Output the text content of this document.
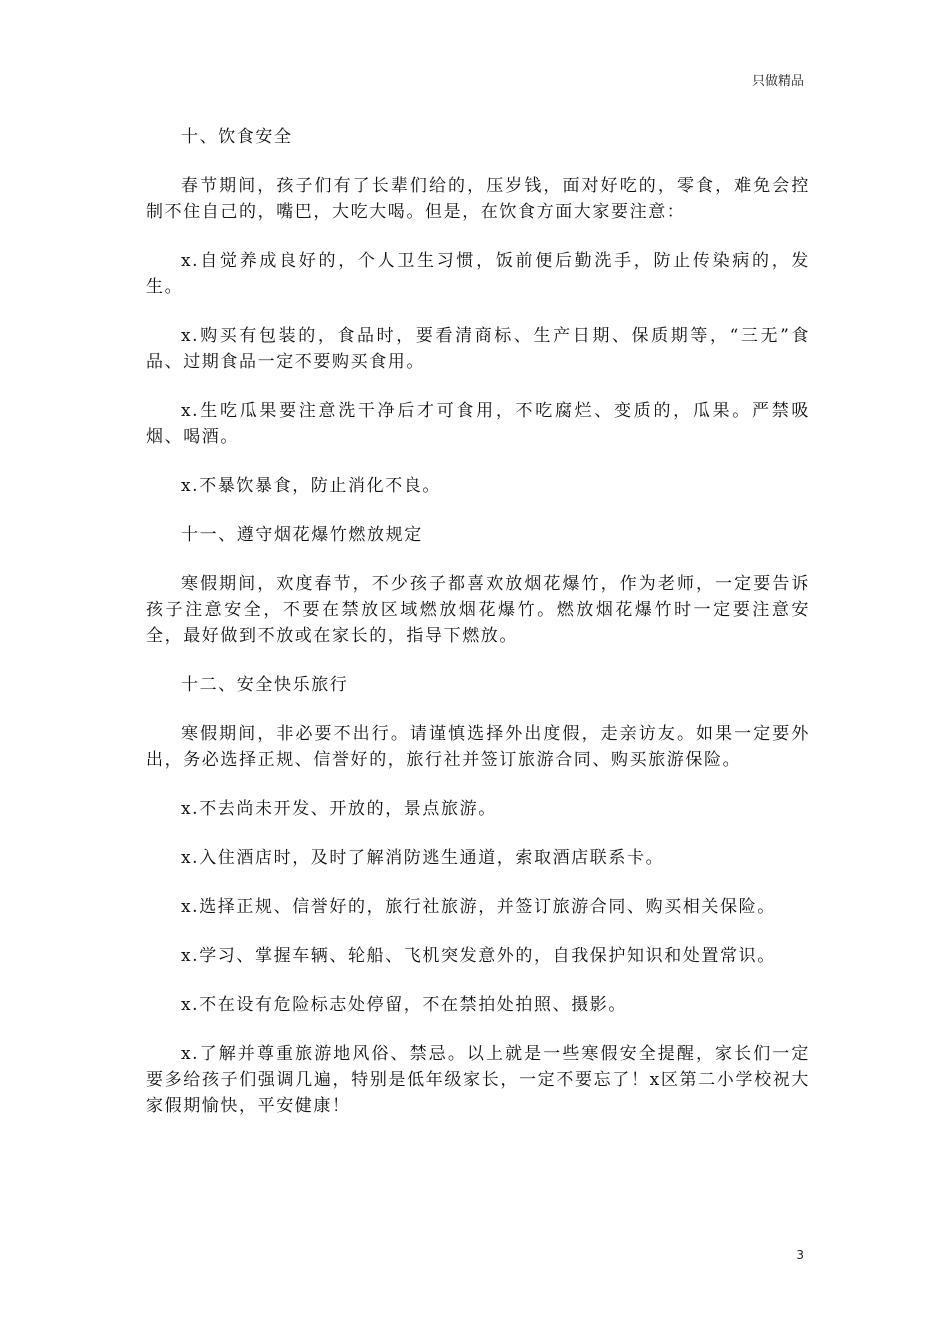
只做精品
十、饮食安全

春节期间，孩子们有了长辈们给的，压岁钱，面对好吃的，零食，难免会控制不住自己的，嘴巴，大吃大喝。但是，在饮食方面大家要注意：

x.自觉养成良好的，个人卫生习惯，饭前便后勤洗手，防止传染病的，发生。

x.购买有包装的，食品时，要看清商标、生产日期、保质期等，“三无”食品、过期食品一定不要购买食用。

x.生吃瓜果要注意洗干净后才可食用，不吃腐烂、变质的，瓜果。严禁吸烟、喝酒。

x.不暴饮暴食，防止消化不良。

十一、遵守烟花爆竹燃放规定

寒假期间，欢度春节，不少孩子都喜欢放烟花爆竹，作为老师，一定要告诉孩子注意安全，不要在禁放区域燃放烟花爆竹。燃放烟花爆竹时一定要注意安全，最好做到不放或在家长的，指导下燃放。

十二、安全快乐旅行

寒假期间，非必要不出行。请谨慎选择外出度假，走亲访友。如果一定要外出，务必选择正规、信誉好的，旅行社并签订旅游合同、购买旅游保险。

x.不去尚未开发、开放的，景点旅游。

x.入住酒店时，及时了解消防逃生通道，索取酒店联系卡。

x.选择正规、信誉好的，旅行社旅游，并签订旅游合同、购买相关保险。

x.学习、掌握车辆、轮船、飞机突发意外的，自我保护知识和处置常识。

x.不在设有危险标志处停留，不在禁拍处拍照、摄影。

x.了解并尊重旅游地风俗、禁忌。以上就是一些寒假安全提醒，家长们一定要多给孩子们强调几遍，特别是低年级家长，一定不要忘了！x区第二小学校祝大家假期愉快，平安健康！

3
